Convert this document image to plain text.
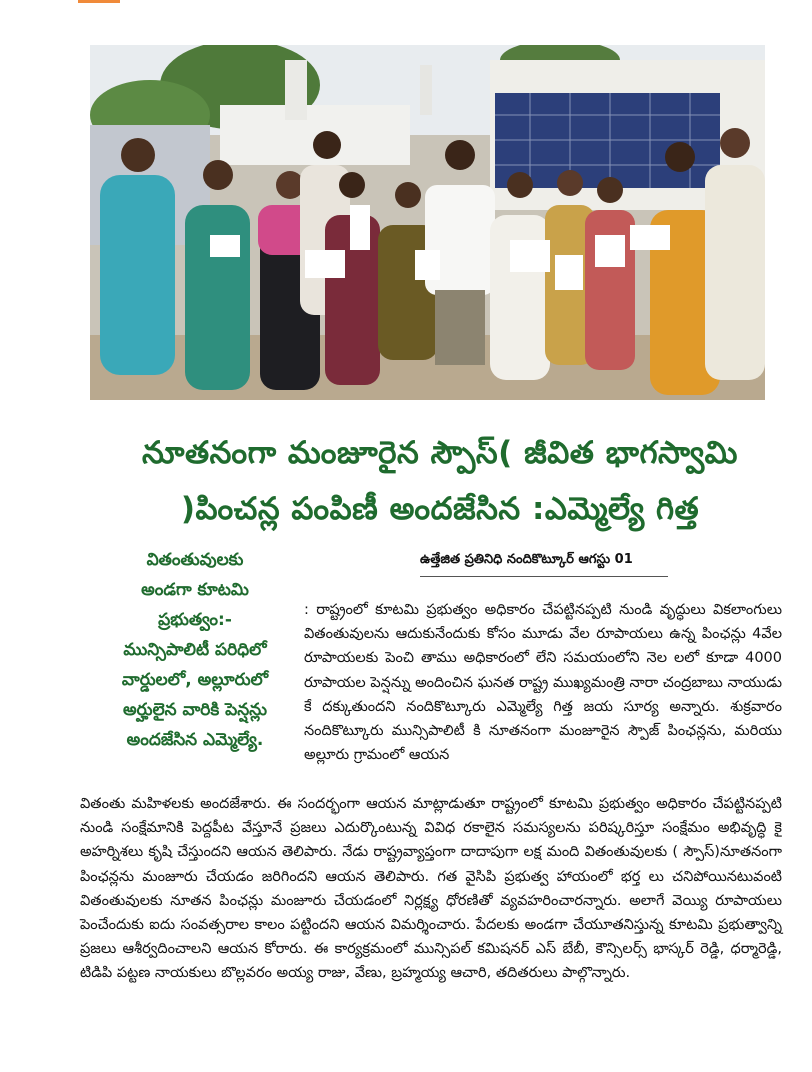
నూతనంగా మంజూరైన స్పౌస్( జీవిత భాగస్వామి
)పించన్ల పంపిణీ అందజేసిన :ఎమ్మెల్యే గిత్త
వితంతువులకు
అండగా కూటమి
ప్రభుత్వం:-
మున్సిపాలిటీ పరిధిలో
వార్డులలో, అల్లూరులో
అర్హులైన వారికి పెన్షన్లు
అందజేసిన ఎమ్మెల్యే.
ఉత్తేజిత ప్రతినిధి నందికొట్కూర్ ఆగస్టు 01
: రాష్ట్రంలో కూటమి ప్రభుత్వం అధికారం చేపట్టినప్పటి నుండి వృద్ధులు వికలాంగులు వితంతువులను ఆదుకునేందుకు కోసం మూడు వేల రూపాయలు ఉన్న పింఛన్లు 4వేల రూపాయలకు పెంచి తాము అధికారంలో లేని సమయంలోని నెల లలో కూడా 4000 రూపాయల పెన్షన్ను అందించిన ఘనత రాష్ట్ర ముఖ్యమంత్రి నారా చంద్రబాబు నాయుడు కే దక్కుతుందని నందికొట్కూరు ఎమ్మెల్యే గిత్త జయ సూర్య అన్నారు. శుక్రవారం నందికొట్కూరు మున్సిపాలిటీ కి నూతనంగా మంజూరైన స్పౌజ్ పింఛన్లను, మరియు అల్లూరు గ్రామంలో ఆయన
వితంతు మహిళలకు అందజేశారు. ఈ సందర్భంగా ఆయన మాట్లాడుతూ రాష్ట్రంలో కూటమి ప్రభుత్వం అధికారం చేపట్టినప్పటి నుండి సంక్షేమానికి పెద్దపీట వేస్తూనే ప్రజలు ఎదుర్కొంటున్న వివిధ రకాలైన సమస్యలను పరిష్కరిస్తూ సంక్షేమం అభివృద్ధి కై అహర్నిశలు కృషి చేస్తుందని ఆయన తెలిపారు. నేడు రాష్ట్రవ్యాప్తంగా దాదాపుగా లక్ష మంది వితంతువులకు ( స్పౌస్)నూతనంగా పింఛన్లను మంజూరు చేయడం జరిగిందని ఆయన తెలిపారు. గత వైసిపి ప్రభుత్వ హాయంలో భర్త లు చనిపోయినటువంటి వితంతువులకు నూతన పింఛన్లు మంజూరు చేయడంలో నిర్లక్ష్య ధోరణితో వ్యవహరించారన్నారు. అలాగే వెయ్యి రూపాయలు పెంచేందుకు ఐదు సంవత్సరాల కాలం పట్టిందని ఆయన విమర్శించారు. పేదలకు అండగా చేయూతనిస్తున్న కూటమి ప్రభుత్వాన్ని ప్రజలు ఆశీర్వదించాలని ఆయన కోరారు. ఈ కార్యక్రమంలో మున్సిపల్ కమిషనర్ ఎస్ బేబీ, కౌన్సిలర్స్ భాస్కర్ రెడ్డి, ధర్మారెడ్డి, టిడిపి పట్టణ నాయకులు బొల్లవరం అయ్య రాజు, వేణు, బ్రహ్మయ్య ఆచారి, తదితరులు పాల్గొన్నారు.
